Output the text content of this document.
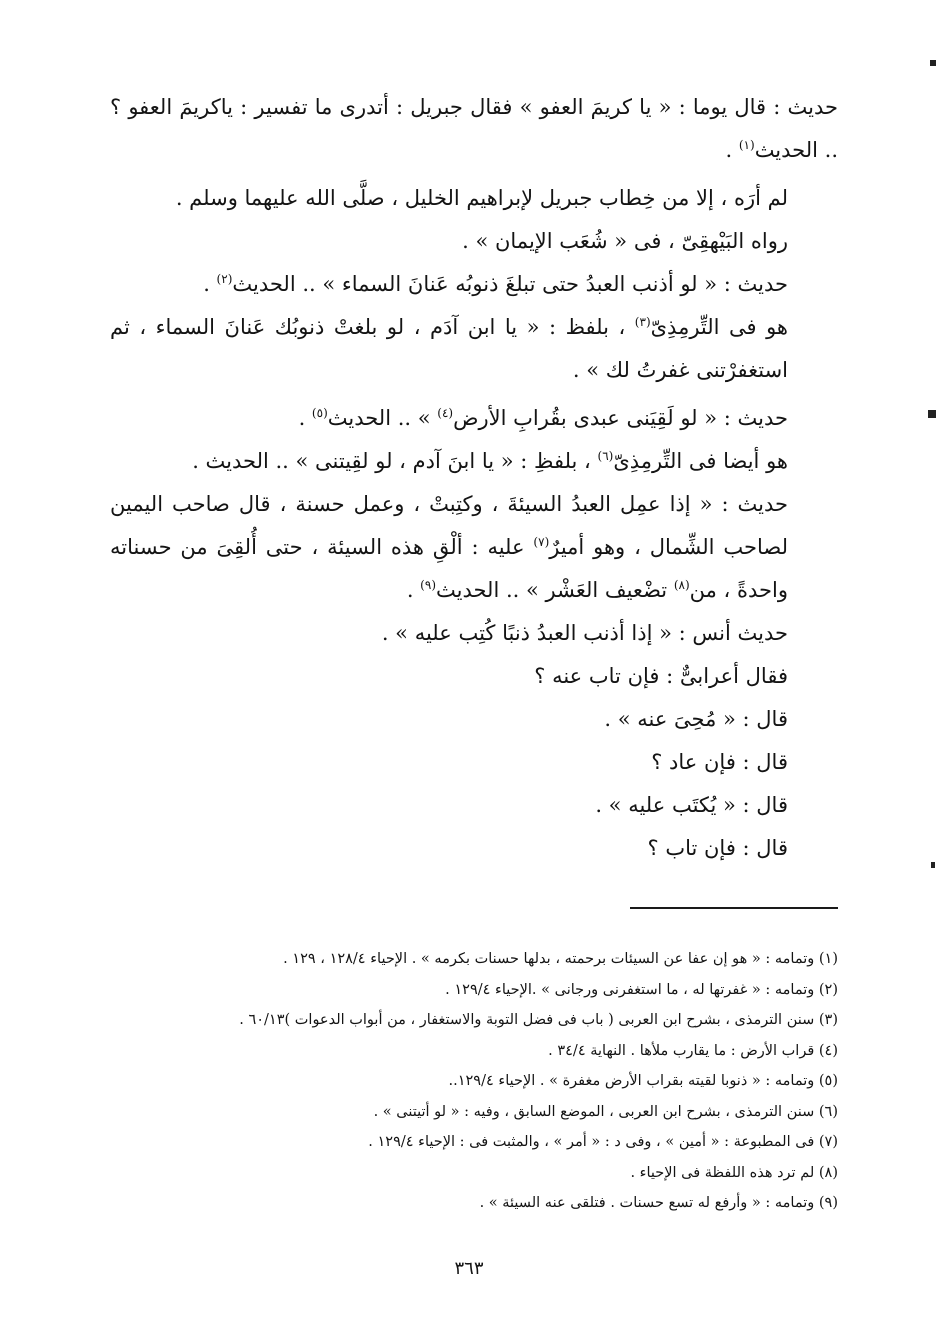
حديث : قال يوما : « يا كريمَ العفو » فقال جبريل : أتدرى ما تفسير : ياكريمَ العفو ؟ .. الحديث$^{(١)}$ .

لم أرَه ، إلا من خِطاب جبريل لإبراهيم الخليل ، صلَّى الله عليهما وسلم .

رواه البَيْهقِىّ ، فى « شُعَب الإيمان » .

حديث : « لو أذنب العبدُ حتى تبلغَ ذنوبُه عَنانَ السماء » .. الحديث$^{(٢)}$ .

هو فى التِّرمِذِىّ$^{(٣)}$ ، بلفظ : « يا ابن آدَم ، لو بلغتْ ذنوبُك عَنانَ السماء ، ثم استغفرْتنى غفرتُ لك » .

حديث : « لو لَقِيَنى عبدى بقُرابِ الأرض$^{(٤)}$ » .. الحديث$^{(٥)}$ .

هو أيضا فى التِّرمِذِىّ$^{(٦)}$ ، بلفظِ : « يا ابنَ آدم ، لو لقِيتنى » .. الحديث .

حديث : « إذا عمِل العبدُ السيئةَ ، وكتِبتْ ، وعمل حسنة ، قال صاحب اليمين لصاحب الشِّمال ، وهو أميرٌ$^{(٧)}$ عليه : ألْقِ هذه السيئة ، حتى أُلقِىَ من حسناته واحدةً ، من$^{(٨)}$ تضْعيف العَشْر » .. الحديث$^{(٩)}$ .

حديث أنس : « إذا أذنب العبدُ ذنبًا كُتِب عليه » .

فقال أعرابىٌّ : فإن تاب عنه ؟

قال : « مُحِىَ عنه » .

قال : فإن عاد ؟

قال : « يُكتَب عليه » .

قال : فإن تاب ؟

(١) وتمامه : « هو إن عفا عن السيئات برحمته ، بدلها حسنات بكرمه » . الإحياء ١٢٨/٤ ، ١٢٩ .
(٢) وتمامه : « غفرتها له ، ما استغفرنى ورجانى » .الإحياء ١٢٩/٤ .
(٣) سنن الترمذى ، بشرح ابن العربى ( باب فى فضل التوبة والاستغفار ، من أبواب الدعوات )٦٠/١٣ .
(٤) قراب الأرض : ما يقارب ملأها . النهاية ٣٤/٤ .
(٥) وتمامه : « ذنوبا لقيته بقراب الأرض مغفرة » . الإحياء ١٢٩/٤..
(٦) سنن الترمذى ، بشرح ابن العربى ، الموضع السابق ، وفيه : « لو أتيتنى » .
(٧) فى المطبوعة : « أمين » ، وفى د : « أمر » ، والمثبت فى : الإحياء ١٢٩/٤ .
(٨) لم ترد هذه اللفظة فى الإحياء .
(٩) وتمامه : « وأرفع له تسع حسنات . فتلقى عنه السيئة » .
٣٦٣
